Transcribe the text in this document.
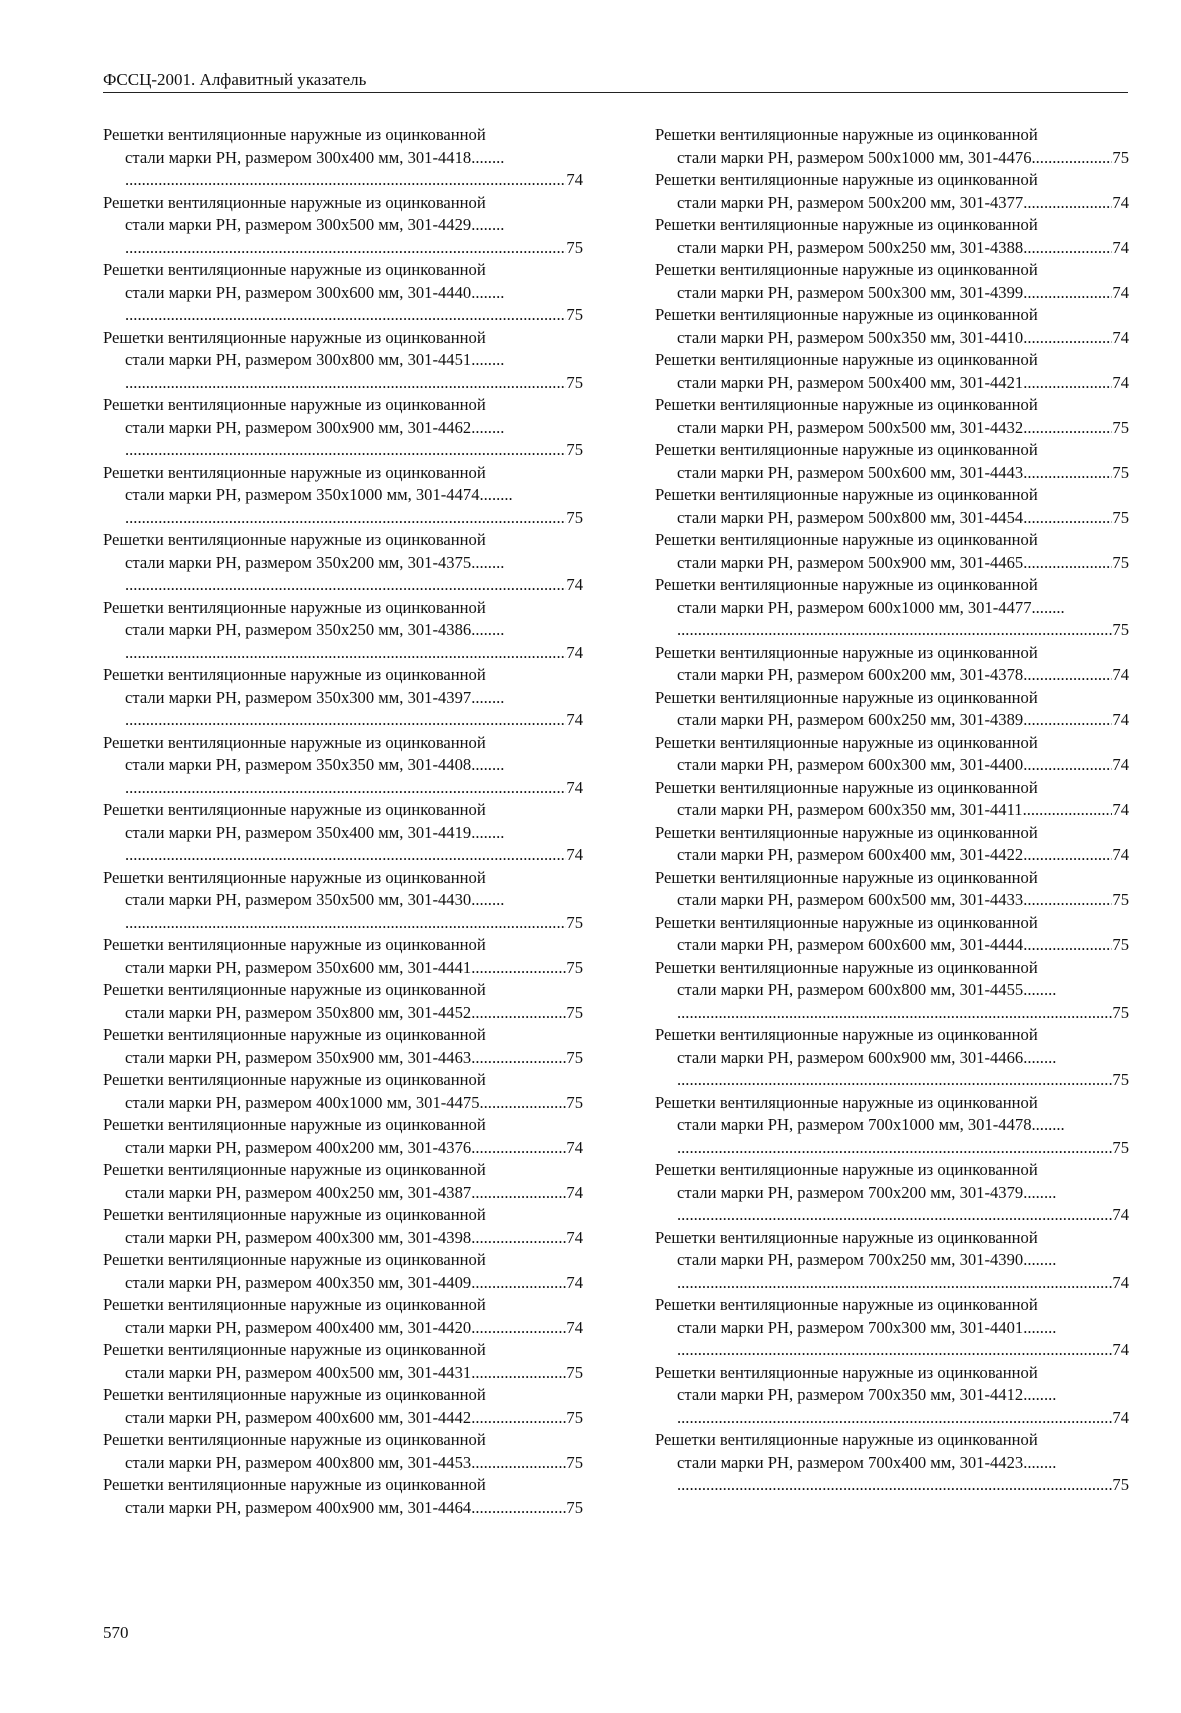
ФССЦ-2001. Алфавитный указатель
Решетки вентиляционные наружные из оцинкованной
стали марки РН, размером 300х400 мм, 301-4418
.....
.....
74
Решетки вентиляционные наружные из оцинкованной
стали марки РН, размером 300х500 мм, 301-4429
.....
.....
75
Решетки вентиляционные наружные из оцинкованной
стали марки РН, размером 300х600 мм, 301-4440
.....
.....
75
Решетки вентиляционные наружные из оцинкованной
стали марки РН, размером 300х800 мм, 301-4451
.....
.....
75
Решетки вентиляционные наружные из оцинкованной
стали марки РН, размером 300х900 мм, 301-4462
.....
.....
75
Решетки вентиляционные наружные из оцинкованной
стали марки РН, размером 350х1000 мм, 301-4474
.....
.....
75
Решетки вентиляционные наружные из оцинкованной
стали марки РН, размером 350х200 мм, 301-4375
.....
.....
74
Решетки вентиляционные наружные из оцинкованной
стали марки РН, размером 350х250 мм, 301-4386
.....
.....
74
Решетки вентиляционные наружные из оцинкованной
стали марки РН, размером 350х300 мм, 301-4397
.....
.....
74
Решетки вентиляционные наружные из оцинкованной
стали марки РН, размером 350х350 мм, 301-4408
.....
.....
74
Решетки вентиляционные наружные из оцинкованной
стали марки РН, размером 350х400 мм, 301-4419
.....
.....
74
Решетки вентиляционные наружные из оцинкованной
стали марки РН, размером 350х500 мм, 301-4430
.....
.....
75
Решетки вентиляционные наружные из оцинкованной
стали марки РН, размером 350х600 мм, 301-4441 .....	75
Решетки вентиляционные наружные из оцинкованной
стали марки РН, размером 350х800 мм, 301-4452 .....	75
Решетки вентиляционные наружные из оцинкованной
стали марки РН, размером 350х900 мм, 301-4463 .....	75
Решетки вентиляционные наружные из оцинкованной
стали марки РН, размером 400х1000 мм, 301-4475 .....	75
Решетки вентиляционные наружные из оцинкованной
стали марки РН, размером 400х200 мм, 301-4376 .....	74
Решетки вентиляционные наружные из оцинкованной
стали марки РН, размером 400х250 мм, 301-4387 .....	74
Решетки вентиляционные наружные из оцинкованной
стали марки РН, размером 400х300 мм, 301-4398 .....	74
Решетки вентиляционные наружные из оцинкованной
стали марки РН, размером 400х350 мм, 301-4409 .....	74
Решетки вентиляционные наружные из оцинкованной
стали марки РН, размером 400х400 мм, 301-4420 .....	74
Решетки вентиляционные наружные из оцинкованной
стали марки РН, размером 400х500 мм, 301-4431 .....	75
Решетки вентиляционные наружные из оцинкованной
стали марки РН, размером 400х600 мм, 301-4442 .....	75
Решетки вентиляционные наружные из оцинкованной
стали марки РН, размером 400х800 мм, 301-4453 .....	75
Решетки вентиляционные наружные из оцинкованной
стали марки РН, размером 400х900 мм, 301-4464 .....	75
Решетки вентиляционные наружные из оцинкованной
стали марки РН, размером 500х1000 мм, 301-4476 .....	75
Решетки вентиляционные наружные из оцинкованной
стали марки РН, размером 500х200 мм, 301-4377 .....	74
Решетки вентиляционные наружные из оцинкованной
стали марки РН, размером 500х250 мм, 301-4388 .....	74
Решетки вентиляционные наружные из оцинкованной
стали марки РН, размером 500х300 мм, 301-4399 .....	74
Решетки вентиляционные наружные из оцинкованной
стали марки РН, размером 500х350 мм, 301-4410 .....	74
Решетки вентиляционные наружные из оцинкованной
стали марки РН, размером 500х400 мм, 301-4421 .....	74
Решетки вентиляционные наружные из оцинкованной
стали марки РН, размером 500х500 мм, 301-4432 .....	75
Решетки вентиляционные наружные из оцинкованной
стали марки РН, размером 500х600 мм, 301-4443 .....	75
Решетки вентиляционные наружные из оцинкованной
стали марки РН, размером 500х800 мм, 301-4454 .....	75
Решетки вентиляционные наружные из оцинкованной
стали марки РН, размером 500х900 мм, 301-4465 .....	75
Решетки вентиляционные наружные из оцинкованной
стали марки РН, размером 600х1000 мм, 301-4477
.....
.....
75
Решетки вентиляционные наружные из оцинкованной
стали марки РН, размером 600х200 мм, 301-4378 .....	74
Решетки вентиляционные наружные из оцинкованной
стали марки РН, размером 600х250 мм, 301-4389 .....	74
Решетки вентиляционные наружные из оцинкованной
стали марки РН, размером 600х300 мм, 301-4400 .....	74
Решетки вентиляционные наружные из оцинкованной
стали марки РН, размером 600х350 мм, 301-4411 .....	74
Решетки вентиляционные наружные из оцинкованной
стали марки РН, размером 600х400 мм, 301-4422 .....	74
Решетки вентиляционные наружные из оцинкованной
стали марки РН, размером 600х500 мм, 301-4433 .....	75
Решетки вентиляционные наружные из оцинкованной
стали марки РН, размером 600х600 мм, 301-4444 .....	75
Решетки вентиляционные наружные из оцинкованной
стали марки РН, размером 600х800 мм, 301-4455
.....
.....
75
Решетки вентиляционные наружные из оцинкованной
стали марки РН, размером 600х900 мм, 301-4466
.....
.....
75
Решетки вентиляционные наружные из оцинкованной
стали марки РН, размером 700х1000 мм, 301-4478
.....
.....
75
Решетки вентиляционные наружные из оцинкованной
стали марки РН, размером 700х200 мм, 301-4379
.....
.....
74
Решетки вентиляционные наружные из оцинкованной
стали марки РН, размером 700х250 мм, 301-4390
.....
.....
74
Решетки вентиляционные наружные из оцинкованной
стали марки РН, размером 700х300 мм, 301-4401
.....
.....
74
Решетки вентиляционные наружные из оцинкованной
стали марки РН, размером 700х350 мм, 301-4412
.....
.....
74
Решетки вентиляционные наружные из оцинкованной
стали марки РН, размером 700х400 мм, 301-4423
.....
.....
75
570
